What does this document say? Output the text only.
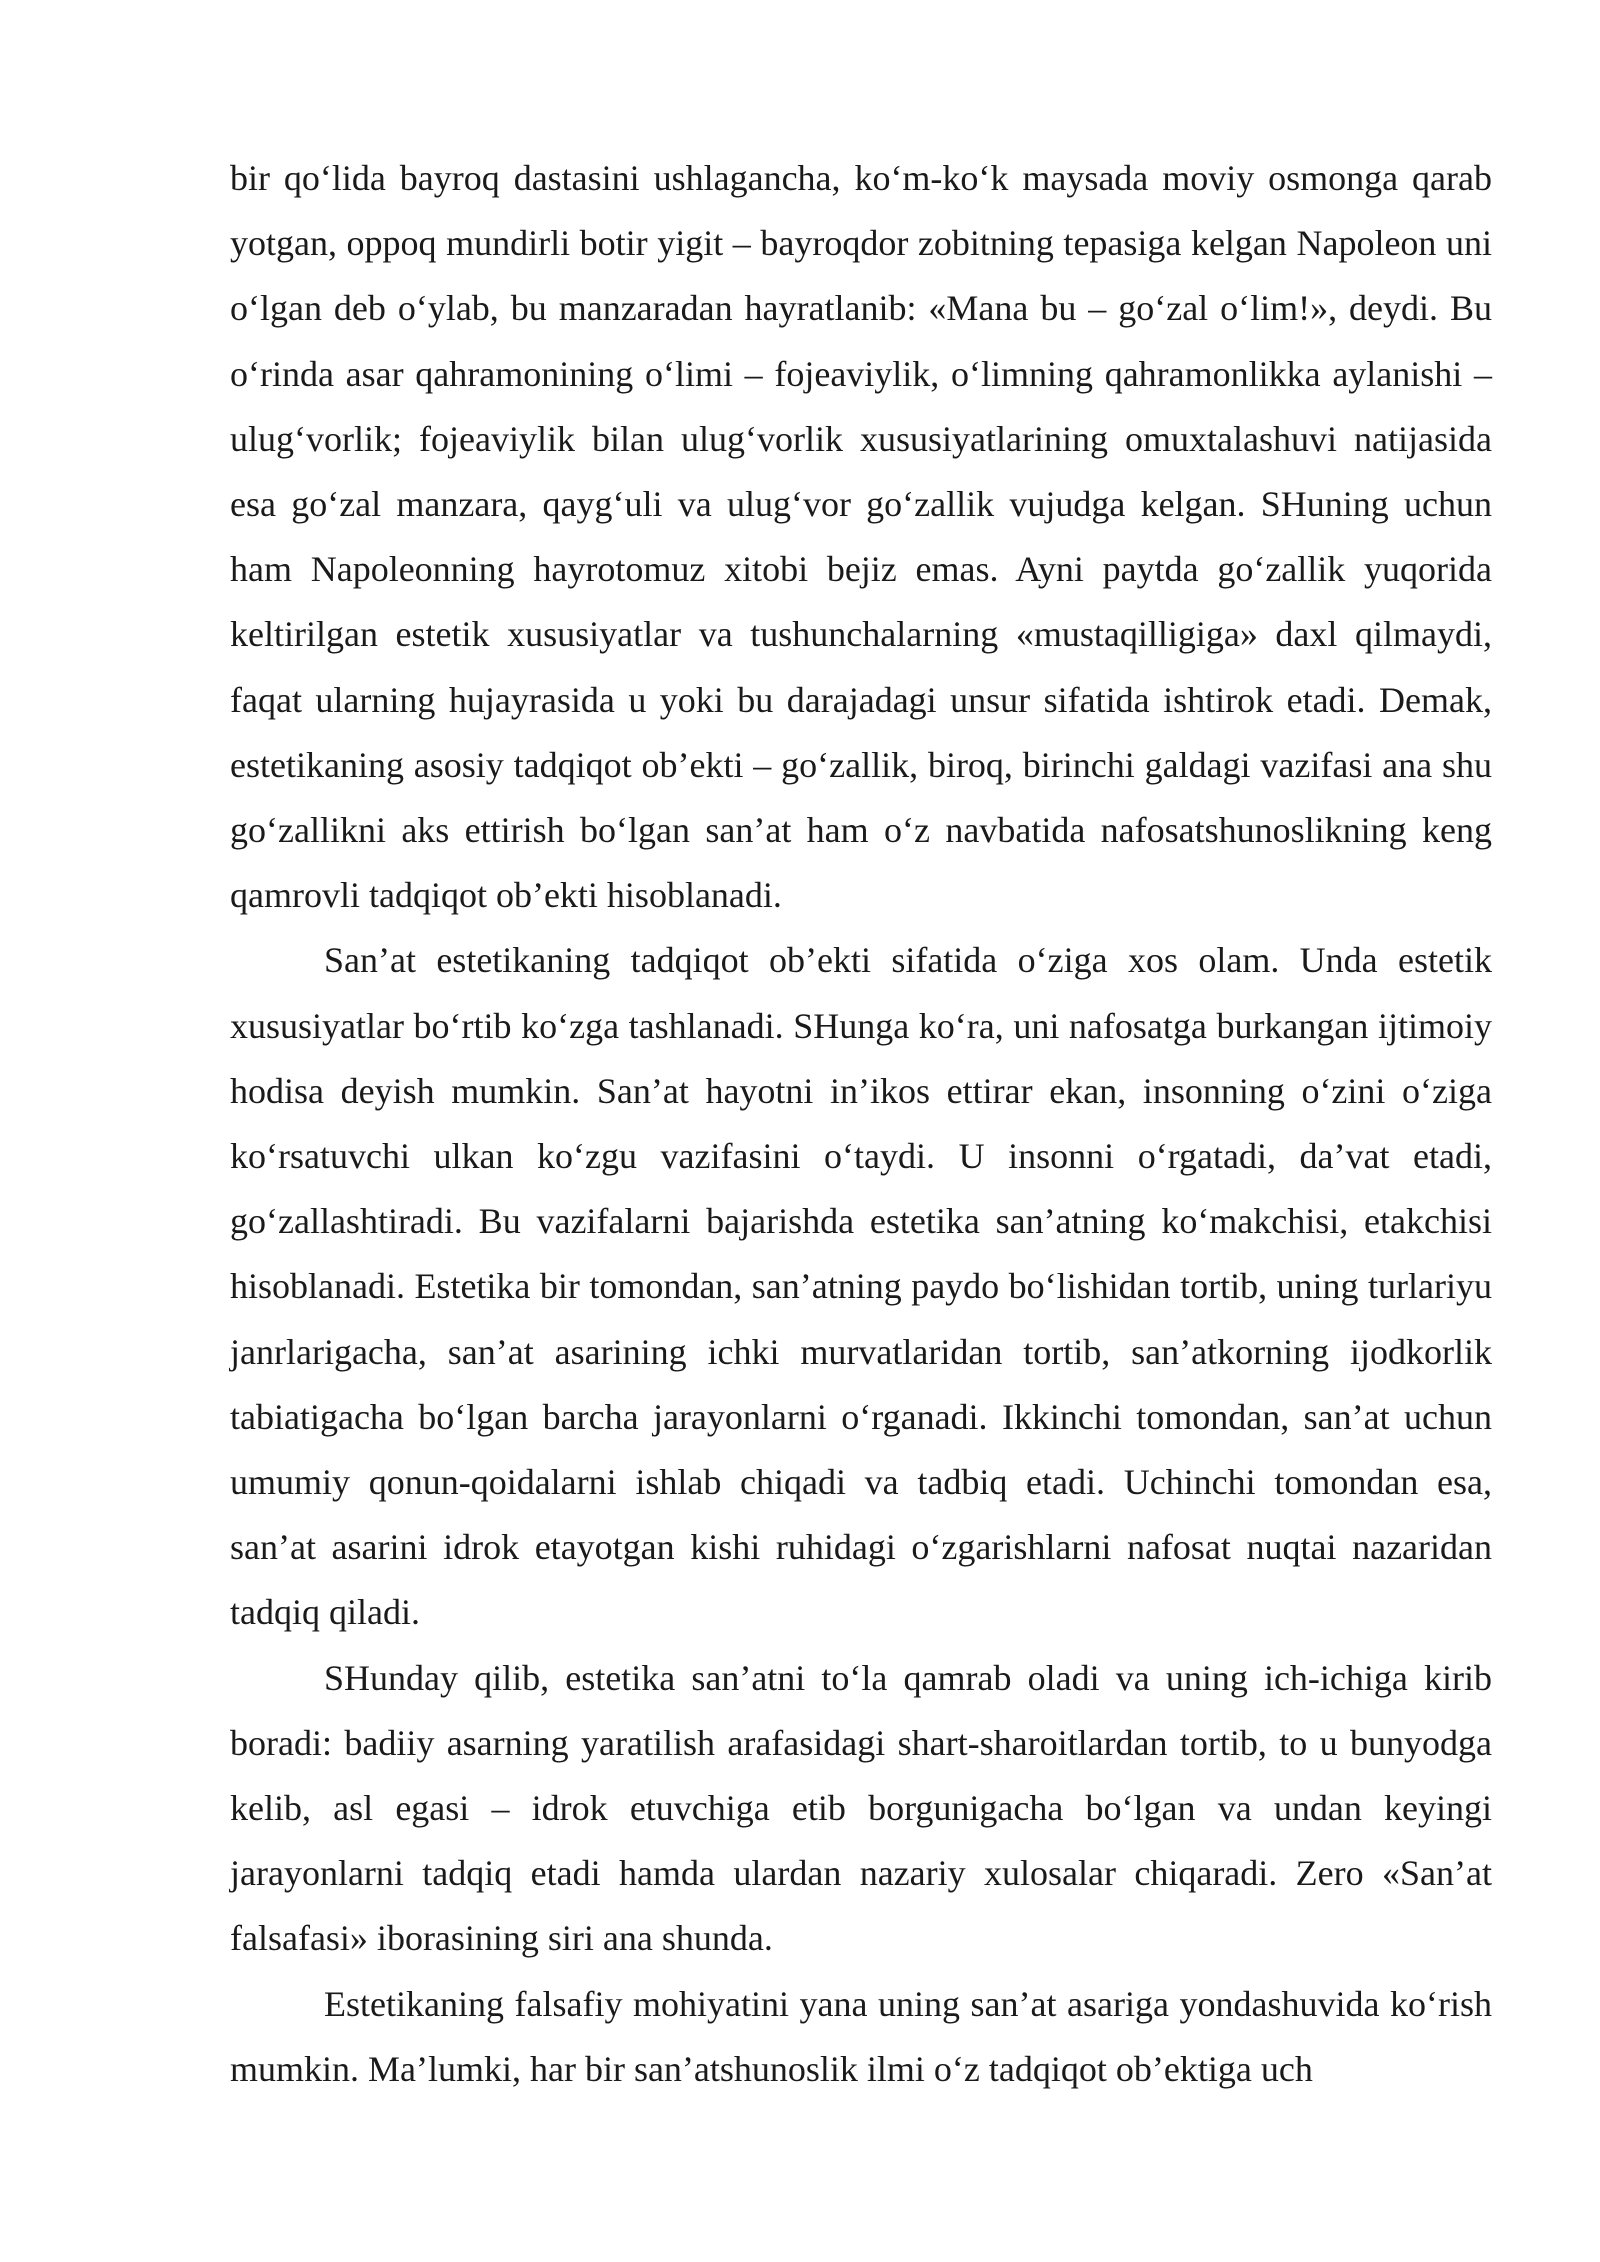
bir qo‘lida bayroq dastasini ushlaganchа, ko‘m-ko‘k maysada moviy osmonga qarab yotgan, oppoq mundirli botir yigit – bayroqdor zobitning tepasiga kelgan Napoleon uni o‘lgan deb o‘ylab, bu manzaradan hayratlanib: «Mana bu – go‘zal o‘lim!», deydi. Bu o‘rinda asar qahramonining o‘limi – fojeaviylik, o‘limning qahramonlikka aylanishi – ulug‘vorlik; fojeaviylik bilan ulug‘vorlik xususiyatlarining omuxtalashuvi natijasida esa go‘zal manzara, qayg‘uli va ulug‘vor go‘zallik vujudga kelgan. SHuning uchun ham Napoleonning hayrotomuz xitobi bejiz emas. Ayni paytda go‘zallik yuqorida keltirilgan estetik xususiyatlar va tushunchalarning «mustaqilligiga» daxl qilmaydi, faqat ularning hujayrasida u yoki bu darajadagi unsur sifatida ishtirok etadi. Demak, estetikaning asosiy tadqiqot ob’ekti – go‘zallik, biroq, birinchi galdagi vazifasi ana shu go‘zallikni aks ettirish bo‘lgan san’at ham o‘z navbatida nafosatshunoslikning keng qamrovli tadqiqot ob’ekti hisoblanadi.

San’at estetikaning tadqiqot ob’ekti sifatida o‘ziga xos olam. Unda estetik xususiyatlar bo‘rtib ko‘zga tashlanadi. SHunga ko‘ra, uni nafosatga burkangan ijtimoiy hodisa deyish mumkin. San’at hayotni in’ikos ettirar ekan, insonning o‘zini o‘ziga ko‘rsatuvchi ulkan ko‘zgu vazifasini o‘taydi. U insonni o‘rgatadi, da’vat etadi, go‘zallashtiradi. Bu vazifalarni bajarishda estetika san’atning ko‘makchisi, etakchisi hisoblanadi. Estetika bir tomondan, san’atning paydo bo‘lishidan tortib, uning turlariyu janrlarigacha, san’at asarining ichki murvatlaridan tortib, san’atkorning ijodkorlik tabiatigacha bo‘lgan barcha jarayonlarni o‘rganadi. Ikkinchi tomondan, san’at uchun umumiy qonun-qoidalarni ishlab chiqadi va tadbiq etadi. Uchinchi tomondan esa, san’at asarini idrok etayotgan kishi ruhidagi o‘zgarishlarni nafosat nuqtai nazaridan tadqiq qiladi.

SHunday qilib, estetika san’atni to‘la qamrab oladi va uning ich-ichiga kirib boradi: badiiy asarning yaratilish arafasidagi shart-sharoitlardan tortib, to u bunyodga kelib, asl egasi – idrok etuvchiga etib borgunigacha bo‘lgan va undan keyingi jarayonlarni tadqiq etadi hamda ulardan nazariy xulosalar chiqaradi. Zero «San’at falsafasi» iborasining siri ana shunda.

Estetikaning falsafiy mohiyatini yana uning san’at asariga yondashuvida ko‘rish mumkin. Ma’lumki, har bir san’atshunoslik ilmi o‘z tadqiqot ob’ektiga uch
